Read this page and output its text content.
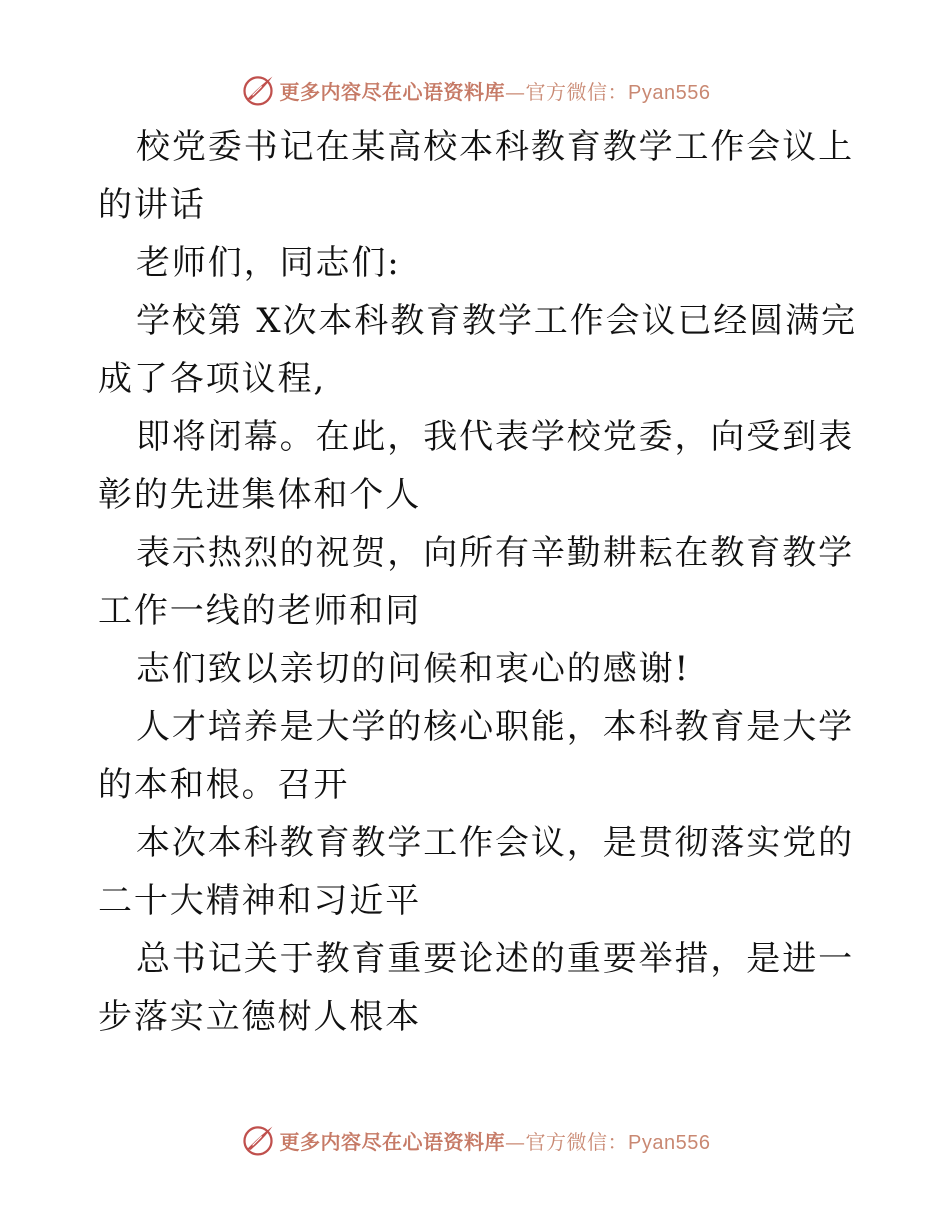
更多内容尽在心语资料库—官方微信：Pyan556

校党委书记在某高校本科教育教学工作会议上的讲话

老师们，同志们:

学校第 X次本科教育教学工作会议已经圆满完成了各项议程,

即将闭幕。在此，我代表学校党委，向受到表彰的先进集体和个人

表示热烈的祝贺，向所有辛勤耕耘在教育教学工作一线的老师和同

志们致以亲切的问候和衷心的感谢!

人才培养是大学的核心职能，本科教育是大学的本和根。召开

本次本科教育教学工作会议，是贯彻落实党的二十大精神和习近平

总书记关于教育重要论述的重要举措，是进一步落实立德树人根本

更多内容尽在心语资料库—官方微信：Pyan556
